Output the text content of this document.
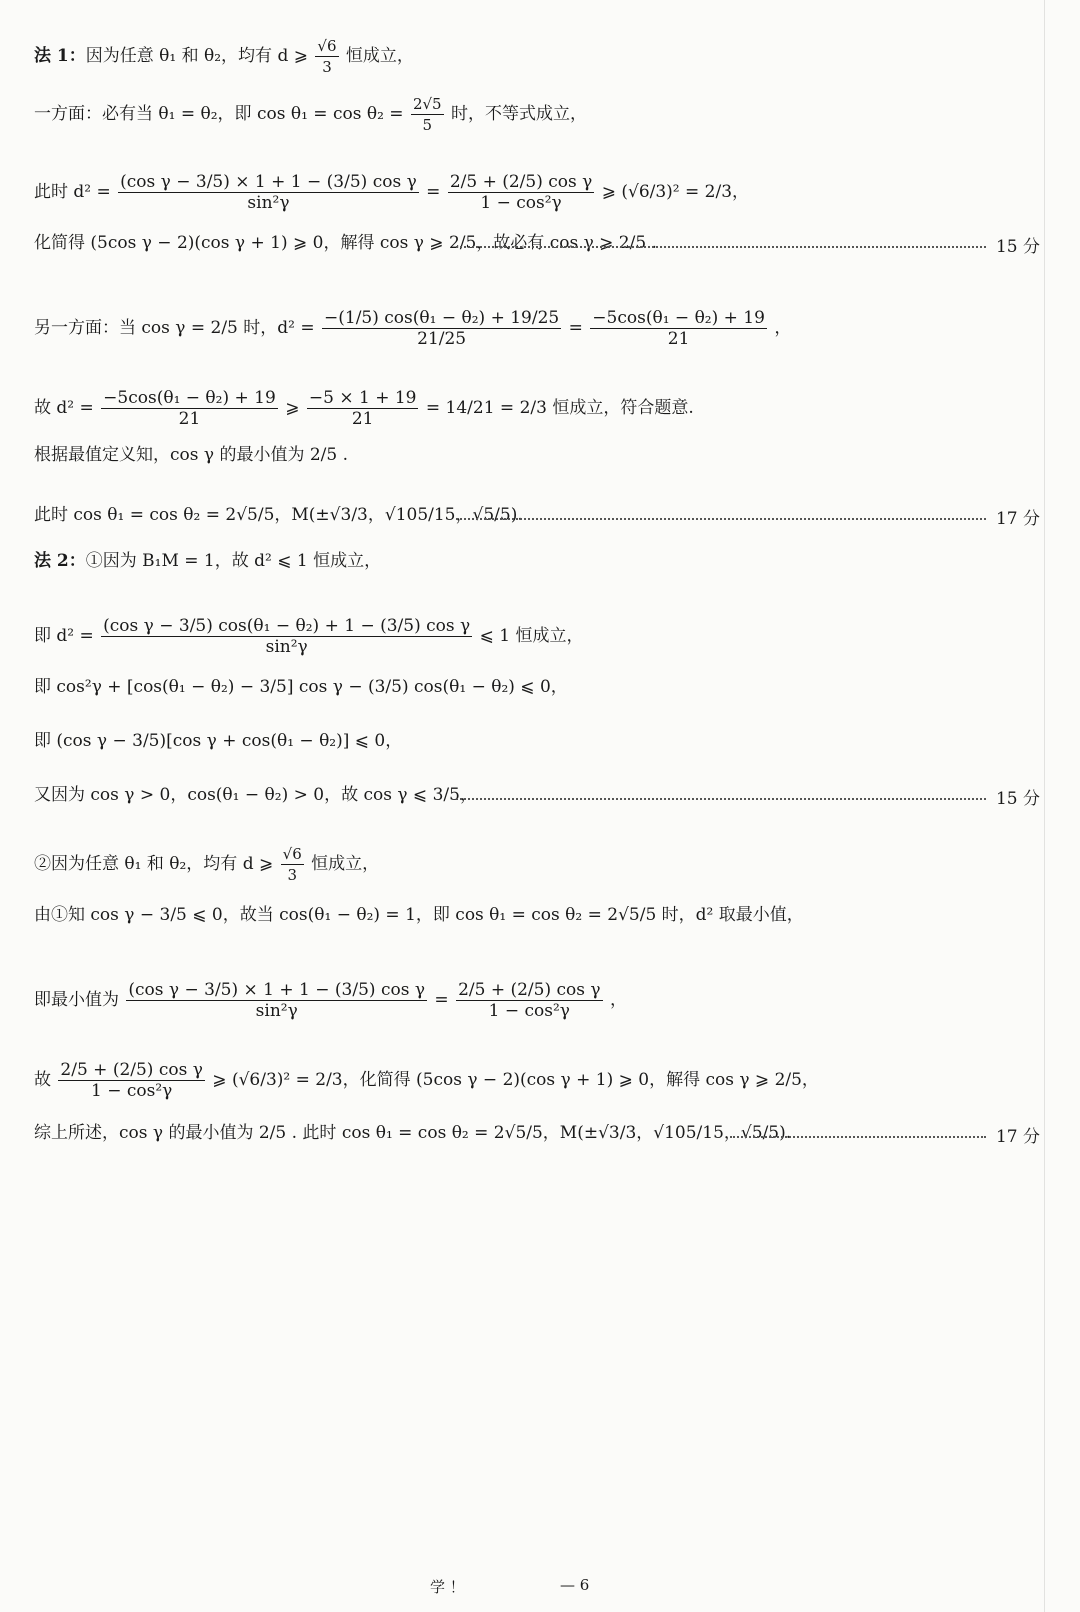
法 1：因为任意 θ₁ 和 θ₂，均有 d ⩾ $\frac{√6}{3}$ 恒成立，
一方面：必有当 θ₁ = θ₂，即 $\cos \theta_1 = \cos \theta_2 = \frac{2√5}{5}$ 时，不等式成立，
此时 $d^2 = \frac{\text{(cos γ − 3/5) × 1 + 1 − (3/5) cos γ}}{\text{sin²γ}} = \frac{\text{2/5 + (2/5) cos γ}}{\text{1 − cos²γ}}$ ⩾ (√6/3)² = 2/3，
化简得 (5cos γ − 2)(cos γ + 1) ⩾ 0，解得 cos γ ⩾ 2/5，故必有 cos γ ⩾ 2/5 .	15 分
另一方面：当 cos γ = 2/5 时，$d^2 = \frac{\text{−(1/5) cos(θ₁ − θ₂) + 19/25}}{21/25} = \frac{\text{−5cos(θ₁ − θ₂) + 19}}{21}$ ，
故 $d^2 = \frac{\text{−5cos(θ₁ − θ₂) + 19}}{21}$ ⩾ $\frac{-5 \times 1 + 19}{21} = 14/21 = 2/3$ 恒成立，符合题意.
根据最值定义知，cos γ 的最小值为 2/5 .
此时 cos θ₁ = cos θ₂ = 2√5/5，M(±√3/3，√105/15，√5/5).	17 分
法 2：①因为 B₁M = 1，故 d² ⩽ 1 恒成立，
即 $d^2 = \frac{\text{(cos γ − 3/5) cos(θ₁ − θ₂) + 1 − (3/5) cos γ}}{\text{sin²γ}}$ ⩽ 1 恒成立，
即 cos²γ + [cos(θ₁ − θ₂) − 3/5] cos γ − (3/5) cos(θ₁ − θ₂) ⩽ 0，
即 (cos γ − 3/5)[cos γ + cos(θ₁ − θ₂)] ⩽ 0，
又因为 cos γ > 0，cos(θ₁ − θ₂) > 0，故 cos γ ⩽ 3/5，	15 分
②因为任意 θ₁ 和 θ₂，均有 d ⩾ $\frac{√6}{3}$ 恒成立，
由①知 cos γ − 3/5 ⩽ 0，故当 cos(θ₁ − θ₂) = 1，即 cos θ₁ = cos θ₂ = 2√5/5 时，d² 取最小值，
即最小值为 $\frac{\text{(cos γ − 3/5) × 1 + 1 − (3/5) cos γ}}{\text{sin²γ}} = \frac{\text{2/5 + (2/5) cos γ}}{\text{1 − cos²γ}}$ ，
故 $\frac{\text{2/5 + (2/5) cos γ}}{\text{1 − cos²γ}}$ ⩾ (√6/3)² = 2/3，化简得 (5cos γ − 2)(cos γ + 1) ⩾ 0，解得 cos γ ⩾ 2/5，
综上所述，cos γ 的最小值为 2/5 . 此时 cos θ₁ = cos θ₂ = 2√5/5，M(±√3/3，√105/15，√5/5).	17 分
学 ！	— 6
